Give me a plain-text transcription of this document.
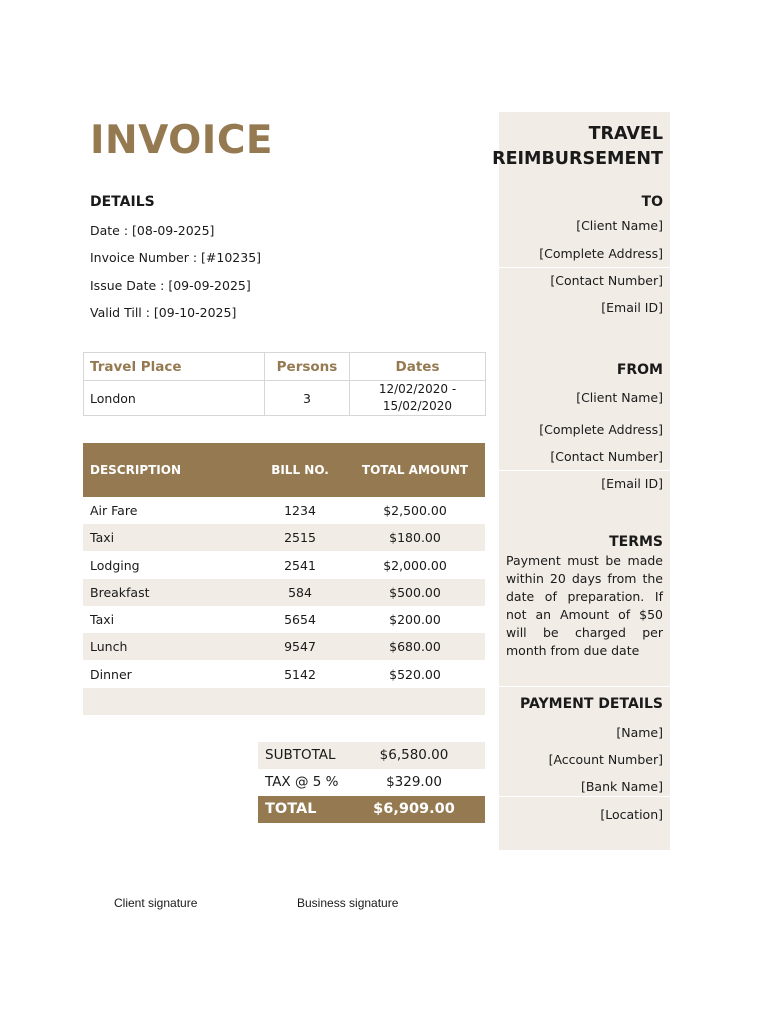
TRAVEL
REIMBURSEMENT
TO
[Client Name]
[Complete Address]
[Contact Number]
[Email ID]
FROM
[Client Name]
[Complete Address]
[Contact Number]
[Email ID]
TERMS
Payment must be made within 20 days from the date of preparation. If not an Amount of $50 will be charged per month from due date
PAYMENT DETAILS
[Name]
[Account Number]
[Bank Name]
[Location]
INVOICE
DETAILS
Date : [08-09-2025]
Invoice Number : [#10235]
Issue Date : [09-09-2025]
Valid Till : [09-10-2025]
Travel Place	Persons	Dates
London	3	12/02/2020 -
15/02/2020
DESCRIPTION	BILL NO.	TOTAL AMOUNT
Air Fare	1234	$2,500.00
Taxi	2515	$180.00
Lodging	2541	$2,000.00
Breakfast	584	$500.00
Taxi	5654	$200.00
Lunch	9547	$680.00
Dinner	5142	$520.00
SUBTOTAL	$6,580.00
TAX @ 5 %	$329.00
TOTAL	$6,909.00
Client signature	Business signature
